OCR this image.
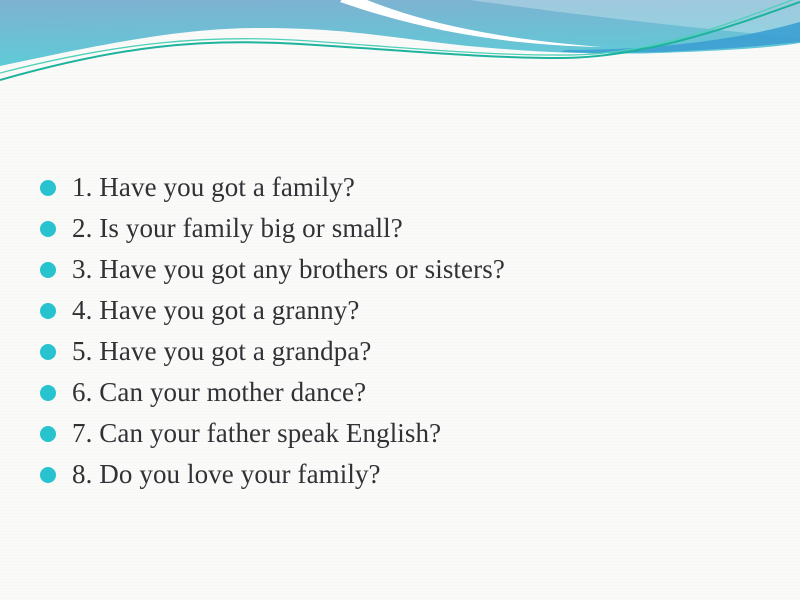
1. Have you got a family?
2. Is your family big or small?
3. Have you got any brothers or sisters?
4. Have you got a granny?
5. Have you got a grandpa?
6. Can your mother dance?
7. Can your father speak English?
8. Do you love your family?
